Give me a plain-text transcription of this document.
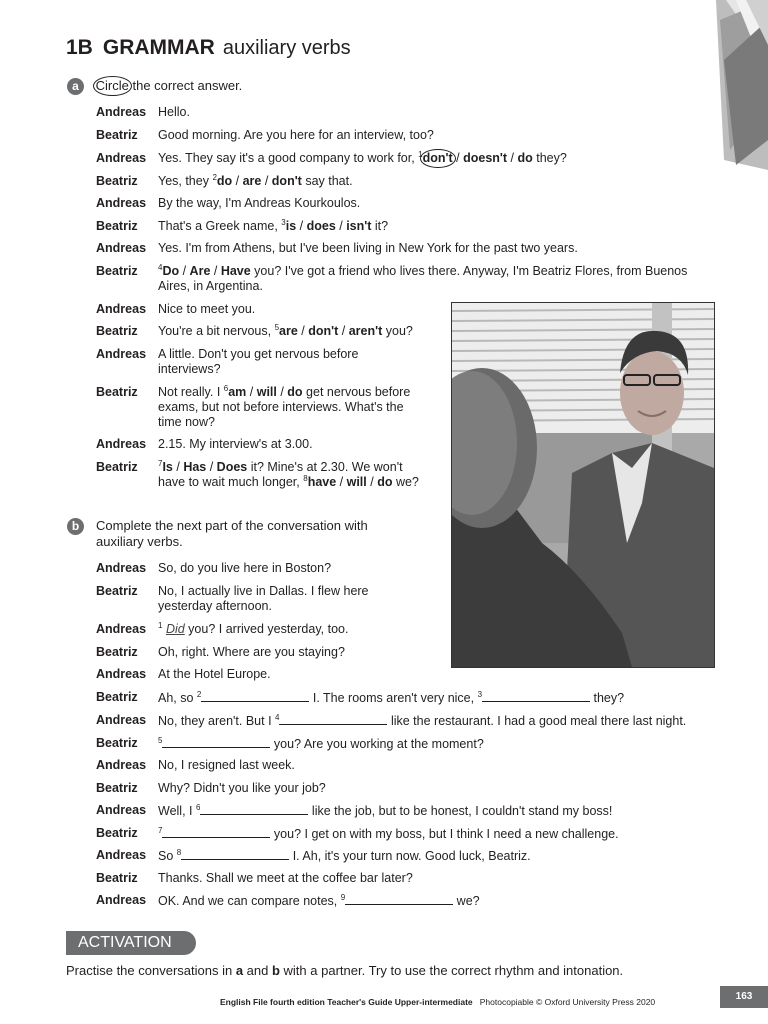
1B GRAMMAR auxiliary verbs
a Circle
the correct answer.
Andreas Hello.
Beatriz Good morning. Are you here for an interview, too?
Andreas Yes. They say it's a good company to work for, $^1$don't
/ doesn't / do they?
Beatriz Yes, they $^2$do / are / don't say that.
Andreas By the way, I'm Andreas Kourkoulos.
Beatriz That's a Greek name, $^3$is / does / isn't it?
Andreas Yes. I'm from Athens, but I've been living in New York for the past two years.
Beatriz	$^4$Do / Are / Have you? I've got a friend who lives there. Anyway, I'm Beatriz Flores, from Buenos
Aires, in Argentina.
Andreas Nice to meet you.
Beatriz You're a bit nervous, $^5$are / don't / aren't you?
Andreas A little. Don't you get nervous before
interviews?
Beatriz Not really. I $^6$am / will / do get nervous before
exams, but not before interviews. What's the
time now?
Andreas 2.15. My interview's at 3.00.
Beatriz	$^7$Is / Has / Does it? Mine's at 2.30. We won't
have to wait much longer, $^8$have / will / do we?
b Complete the next part of the conversation with
auxiliary verbs.
Andreas So, do you live here in Boston?
Beatriz No, I actually live in Dallas. I flew here
yesterday afternoon.
Andreas $^1$ Did you? I arrived yesterday, too.
Beatriz Oh, right. Where are you staying?
Andreas At the Hotel Europe.
Beatriz Ah, so $^2$	I. The rooms aren't very nice, $^3$	they?
Andreas No, they aren't. But I $^4$	like the restaurant. I had a good meal there last night.
Beatriz	$^5$	you? Are you working at the moment?
Andreas No, I resigned last week.
Beatriz Why? Didn't you like your job?
Andreas Well, I $^6$	like the job, but to be honest, I couldn't stand my boss!
Beatriz	$^7$	you? I get on with my boss, but I think I need a new challenge.
Andreas So $^8$	I. Ah, it's your turn now. Good luck, Beatriz.
Beatriz Thanks. Shall we meet at the coffee bar later?
Andreas OK. And we can compare notes, $^9$	we?
ACTIVATION
Practise the conversations in a and b with a partner. Try to use the correct rhythm and intonation.
English File fourth edition Teacher's Guide Upper-intermediate Photocopiable © Oxford University Press 2020	163
